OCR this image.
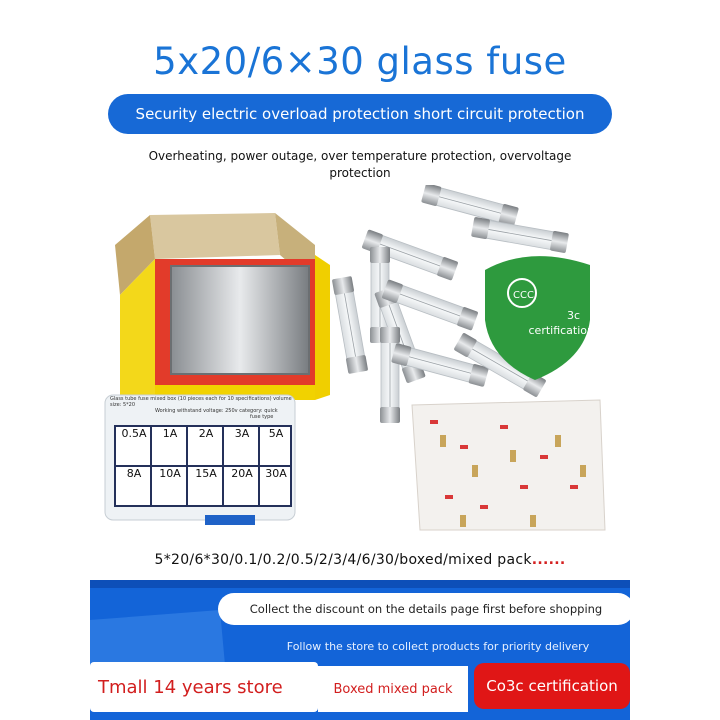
5x20/6×30 glass fuse
Security electric overload protection short circuit protection
Overheating, power outage, over temperature protection, overvoltage
protection
CCC
Glass tube fuse mixed box (10 pieces each for 10 specifications) volume size: 5*20
Working withstand voltage: 250v category: quick
fuse type
0.5A	1A	2A	3A	5A
8A	10A	15A	20A	30A
3c
certification
5*20/6*30/0.1/0.2/0.5/2/3/4/6/30/boxed/mixed pack......
Collect the discount on the details page first before shopping
Follow the store to collect products for priority delivery
Tmall 14 years store	Boxed mixed pack Co3c certification
